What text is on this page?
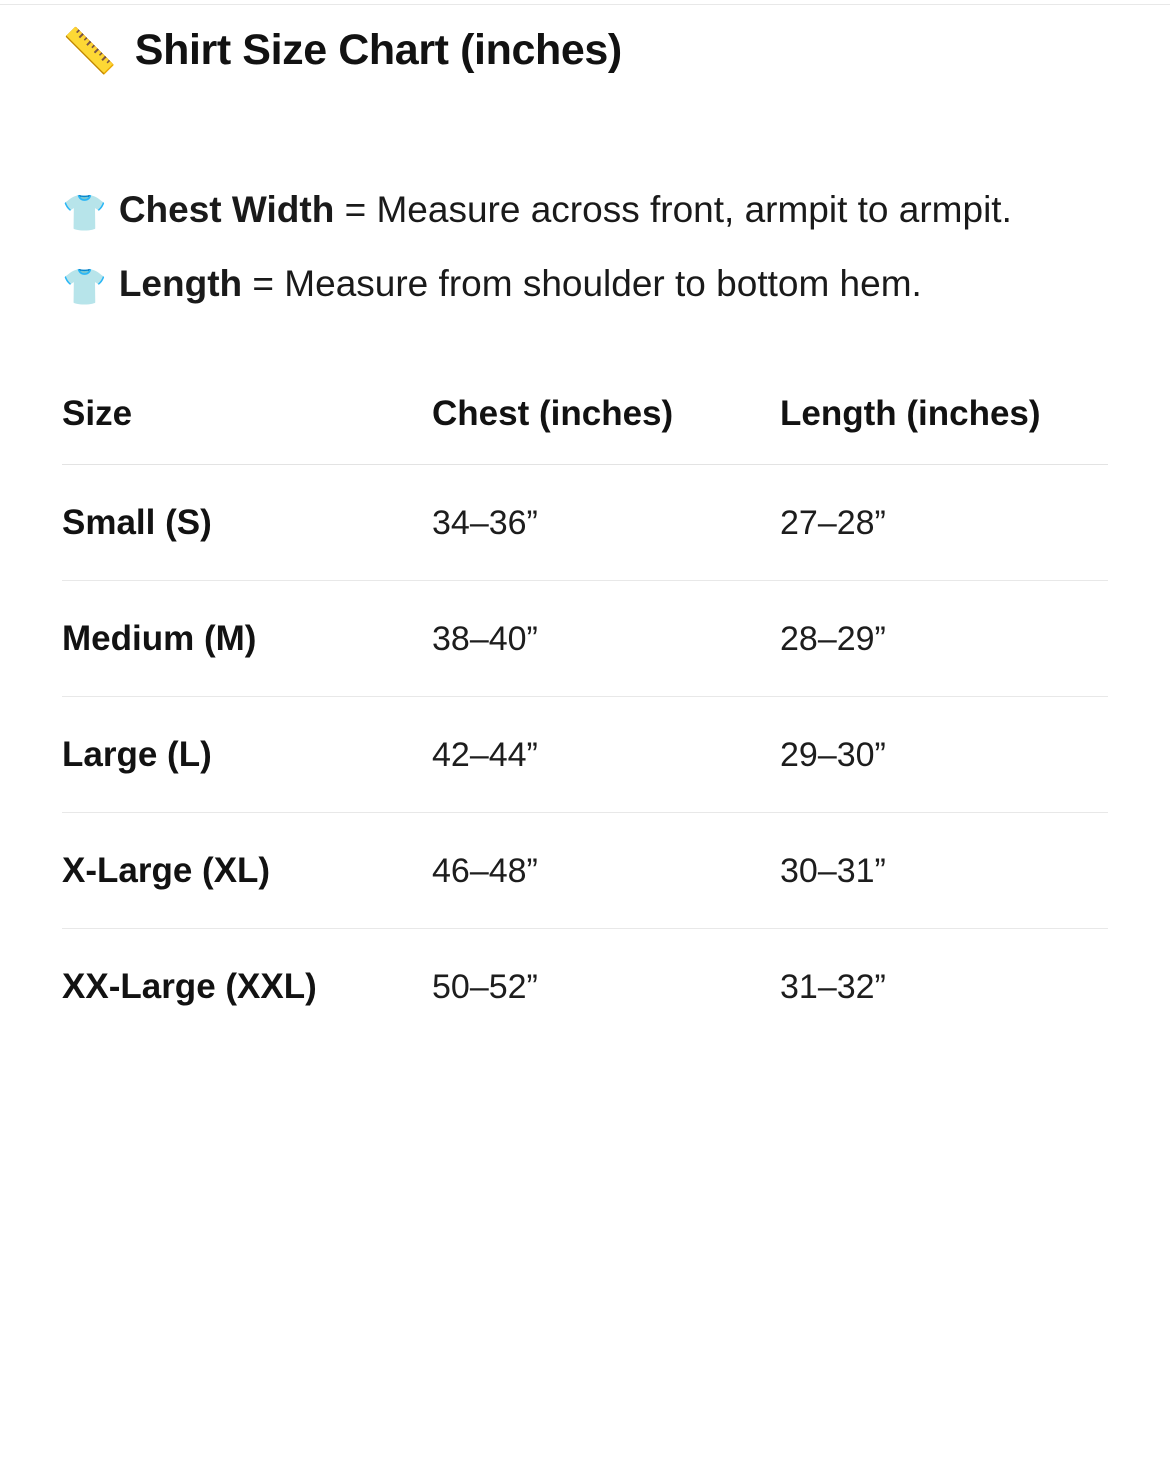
📏 Shirt Size Chart (inches)
👕 Chest Width = Measure across front, armpit to armpit.
👕 Length = Measure from shoulder to bottom hem.
Size	Chest (inches)	Length (inches)
Small (S)	34–36”	27–28”
Medium (M)	38–40”	28–29”
Large (L)	42–44”	29–30”
X-Large (XL)	46–48”	30–31”
XX-Large (XXL)	50–52”	31–32”
